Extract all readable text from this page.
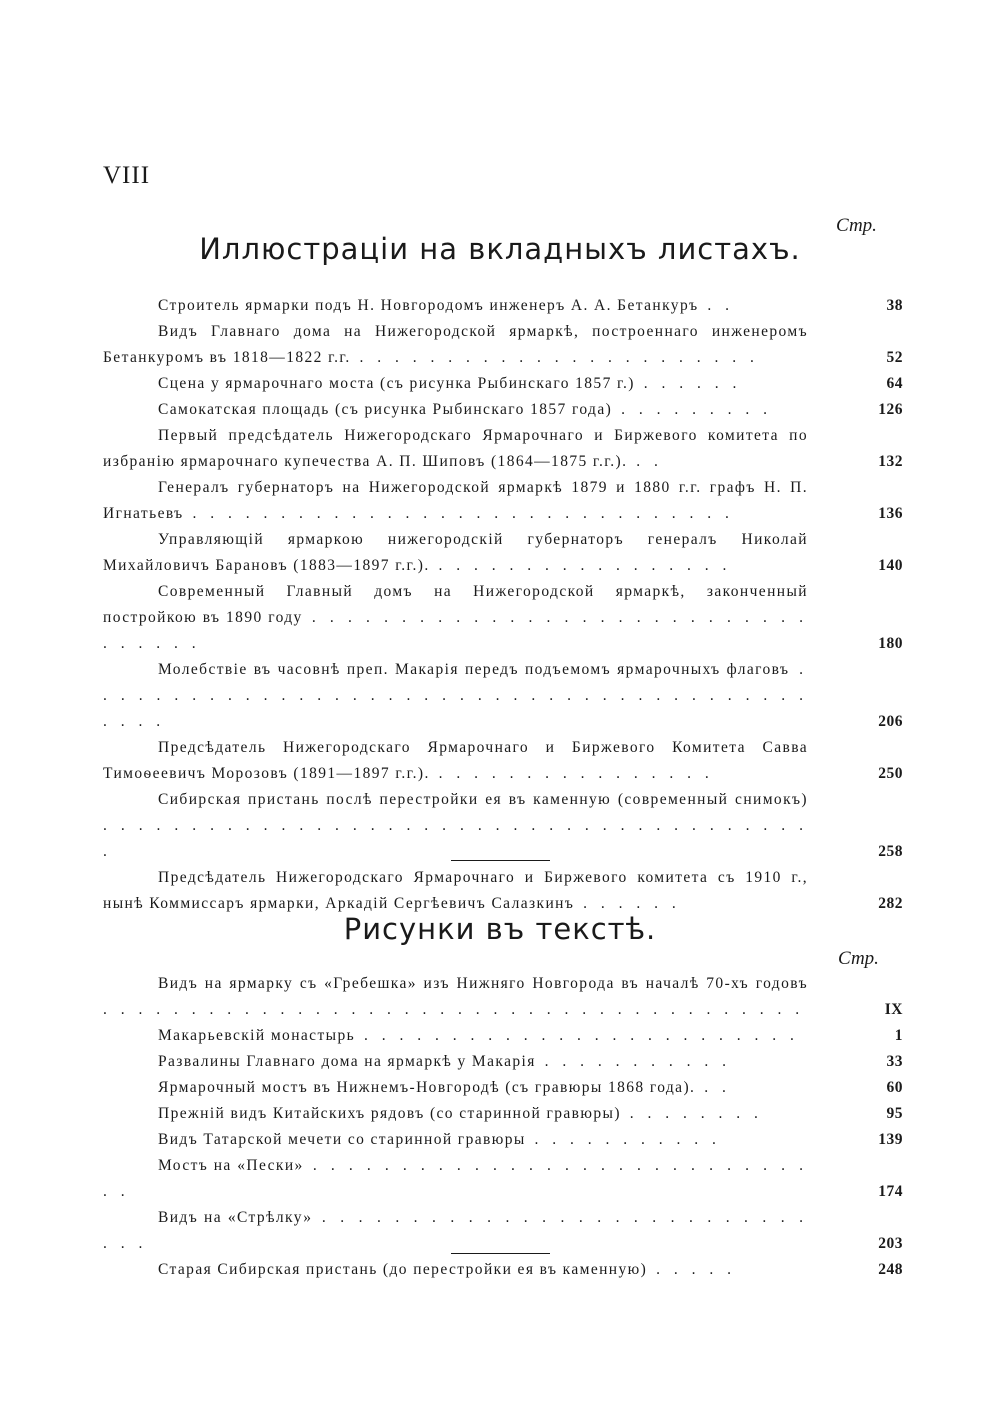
VIII
Стр.
Иллюстраціи на вкладныхъ листахъ.
Строитель ярмарки подъ Н. Новгородомъ инженеръ А. А. Бетанкуръ . .	38
Видъ Главнаго дома на Нижегородской ярмаркѣ, построеннаго инженеромъ Бетанкуромъ въ 1818—1822 г.г. . . . . . . . . . . . . . . . . . . . . . . .	52
Сцена у ярмарочнаго моста (съ рисунка Рыбинскаго 1857 г.) . . . . . .	64
Самокатская площадь (съ рисунка Рыбинскаго 1857 года) . . . . . . . . .	126
Первый предсѣдатель Нижегородскаго Ярмарочнаго и Биржевого комитета по избранію ярмарочнаго купечества А. П. Шиповъ (1864—1875 г.г.). . .	132
Генералъ губернаторъ на Нижегородской ярмаркѣ 1879 и 1880 г.г. графъ Н. П. Игнатьевъ . . . . . . . . . . . . . . . . . . . . . . . . . . . . . . .	136
Управляющій ярмаркою нижегородскій губернаторъ генералъ Николай Михайловичъ Барановъ (1883—1897 г.г.). . . . . . . . . . . . . . . . . .	140
Современный Главный домъ на Нижегородской ярмаркѣ, законченный постройкою въ 1890 году . . . . . . . . . . . . . . . . . . . . . . . . . . . . . . . . . .	180
Молебствіе въ часовнѣ преп. Макарія передъ подъемомъ ярмарочныхъ флаговъ . . . . . . . . . . . . . . . . . . . . . . . . . . . . . . . . . . . . . . . . . . . . .	206
Предсѣдатель Нижегородскаго Ярмарочнаго и Биржевого Комитета Савва Тимоѳеевичъ Морозовъ (1891—1897 г.г.). . . . . . . . . . . . . . . . .	250
Сибирская пристань послѣ перестройки ея въ каменную (современный снимокъ) . . . . . . . . . . . . . . . . . . . . . . . . . . . . . . . . . . . . . . . . .	258
Предсѣдатель Нижегородскаго Ярмарочнаго и Биржевого комитета съ 1910 г., нынѣ Коммиссаръ ярмарки, Аркадій Сергѣевичъ Салазкинъ . . . . . .	282
Рисунки въ текстѣ.
Стр.
Видъ на ярмарку съ «Гребешка» изъ Нижняго Новгорода въ началѣ 70-хъ годовъ . . . . . . . . . . . . . . . . . . . . . . . . . . . . . . . . . . . . . . . .	IX
Макарьевскій монастырь . . . . . . . . . . . . . . . . . . . . . . . . .	1
Развалины Главнаго дома на ярмаркѣ у Макарія . . . . . . . . . . .	33
Ярмарочный мостъ въ Нижнемъ-Новгородѣ (съ гравюры 1868 года). . .	60
Прежній видъ Китайскихъ рядовъ (со старинной гравюры) . . . . . . . .	95
Видъ Татарской мечети со старинной гравюры . . . . . . . . . . .	139
Мостъ на «Пески» . . . . . . . . . . . . . . . . . . . . . . . . . . . . . .	174
Видъ на «Стрѣлку» . . . . . . . . . . . . . . . . . . . . . . . . . . . . . .	203
Старая Сибирская пристань (до перестройки ея въ каменную) . . . . .	248
